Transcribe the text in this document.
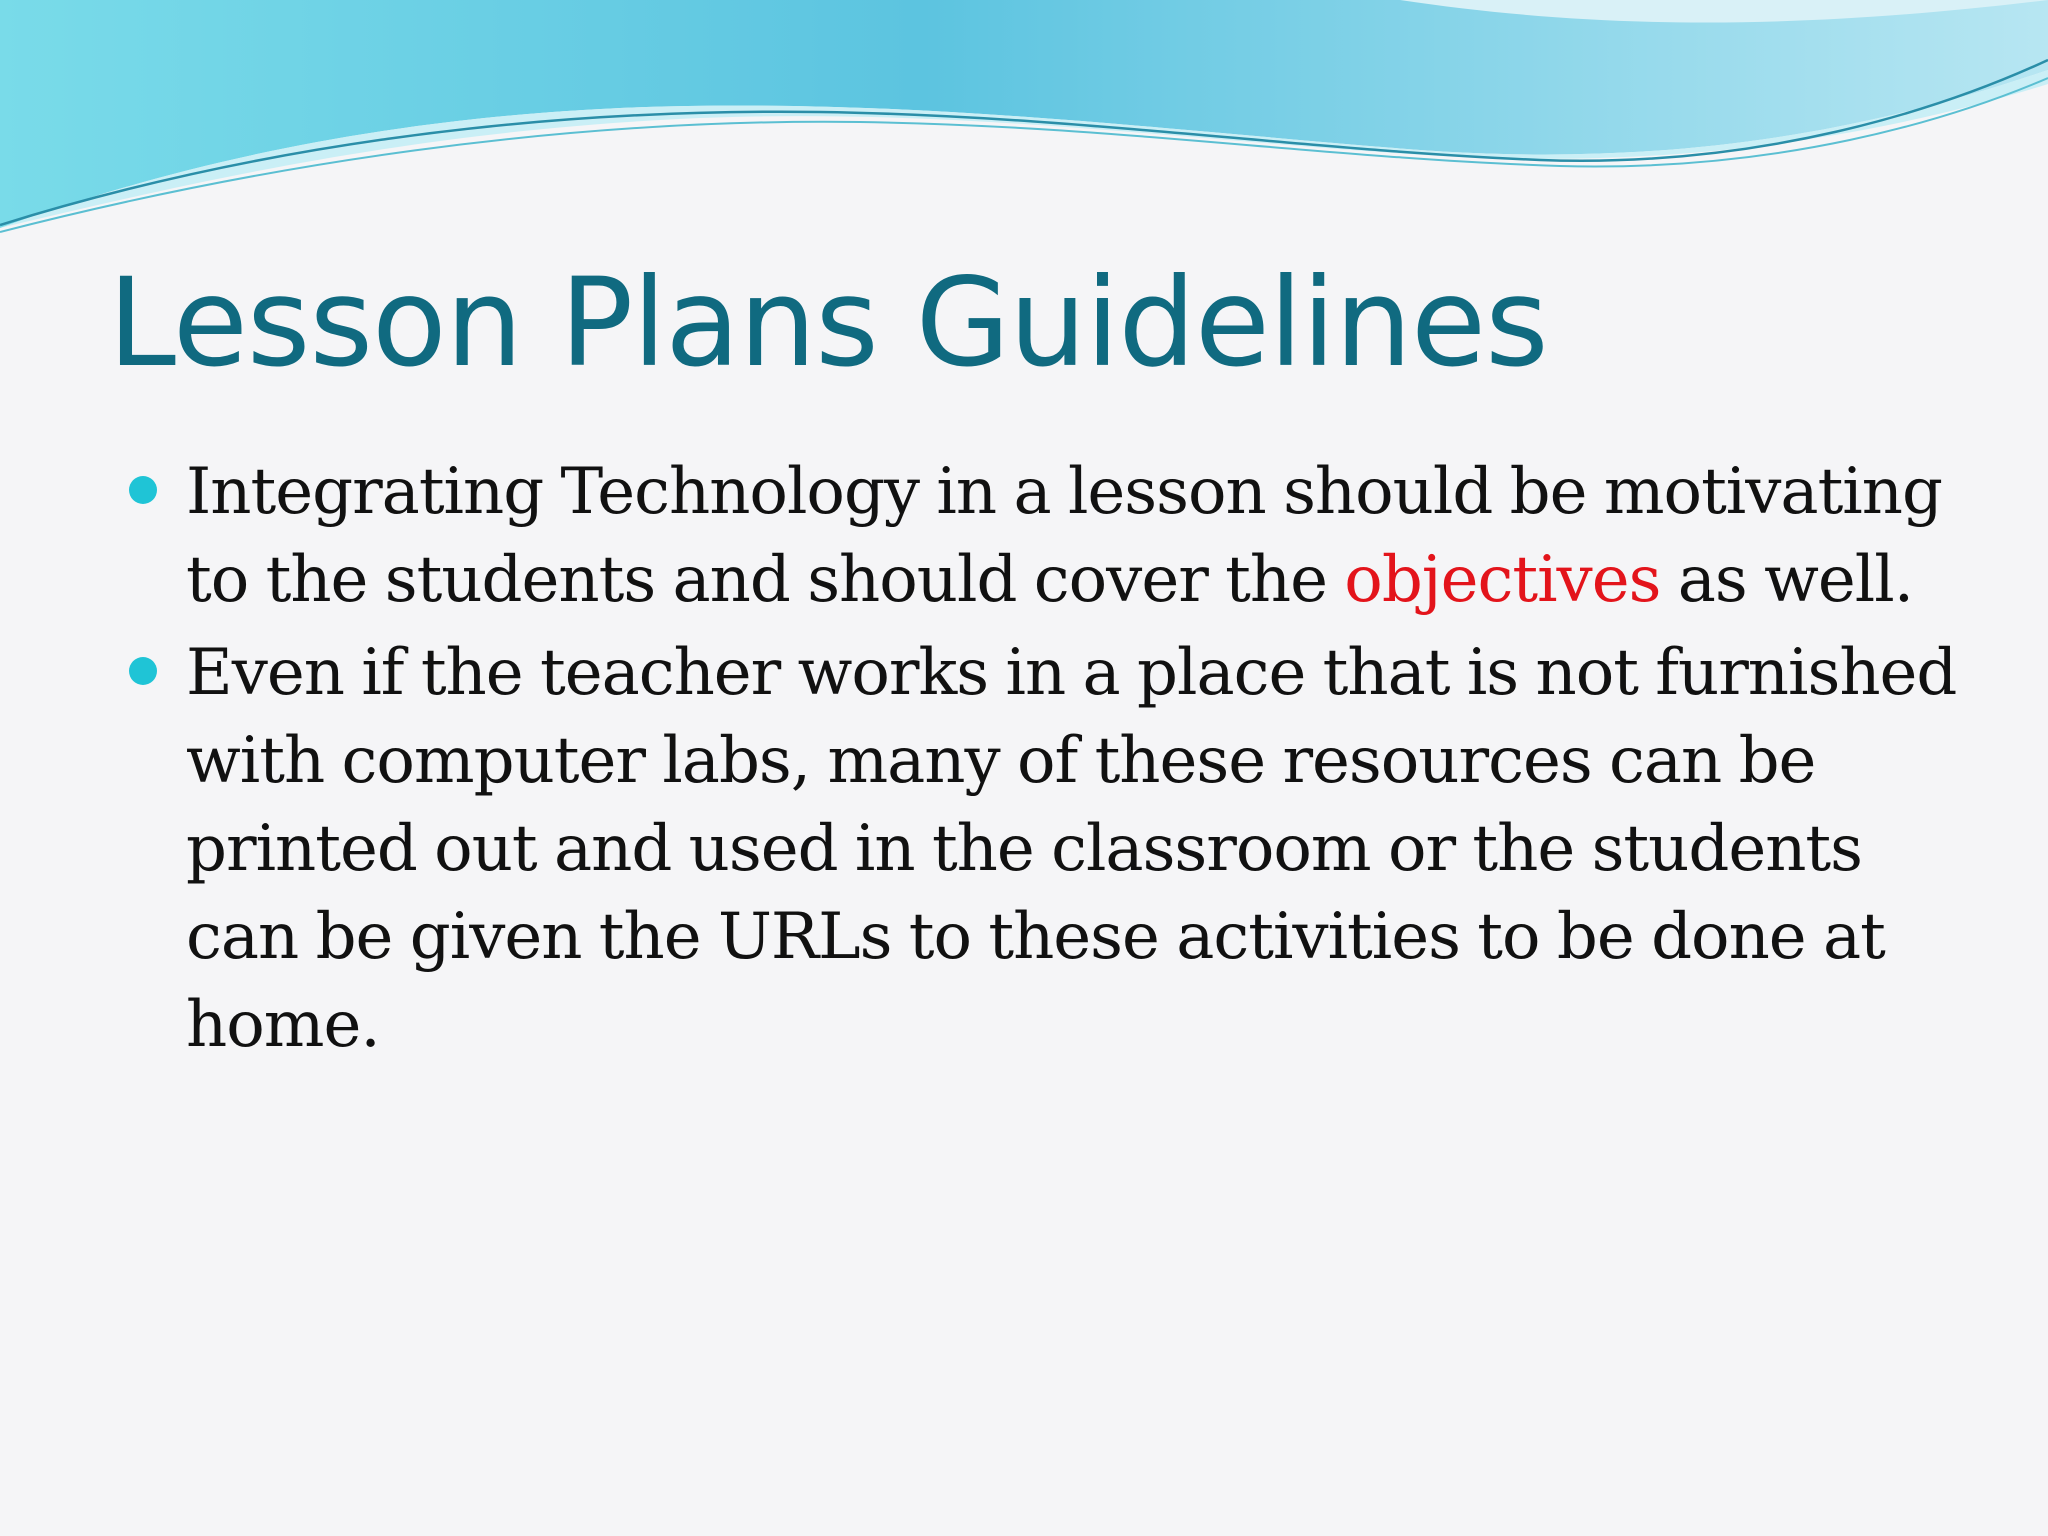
Lesson Plans Guidelines
Integrating Technology in a lesson should be motivating to the students and should cover the objectives as well.
Even if the teacher works in a place that is not furnished with computer labs, many of these resources can be printed out and used in the classroom or the students can be given the URLs to these activities to be done at home.
